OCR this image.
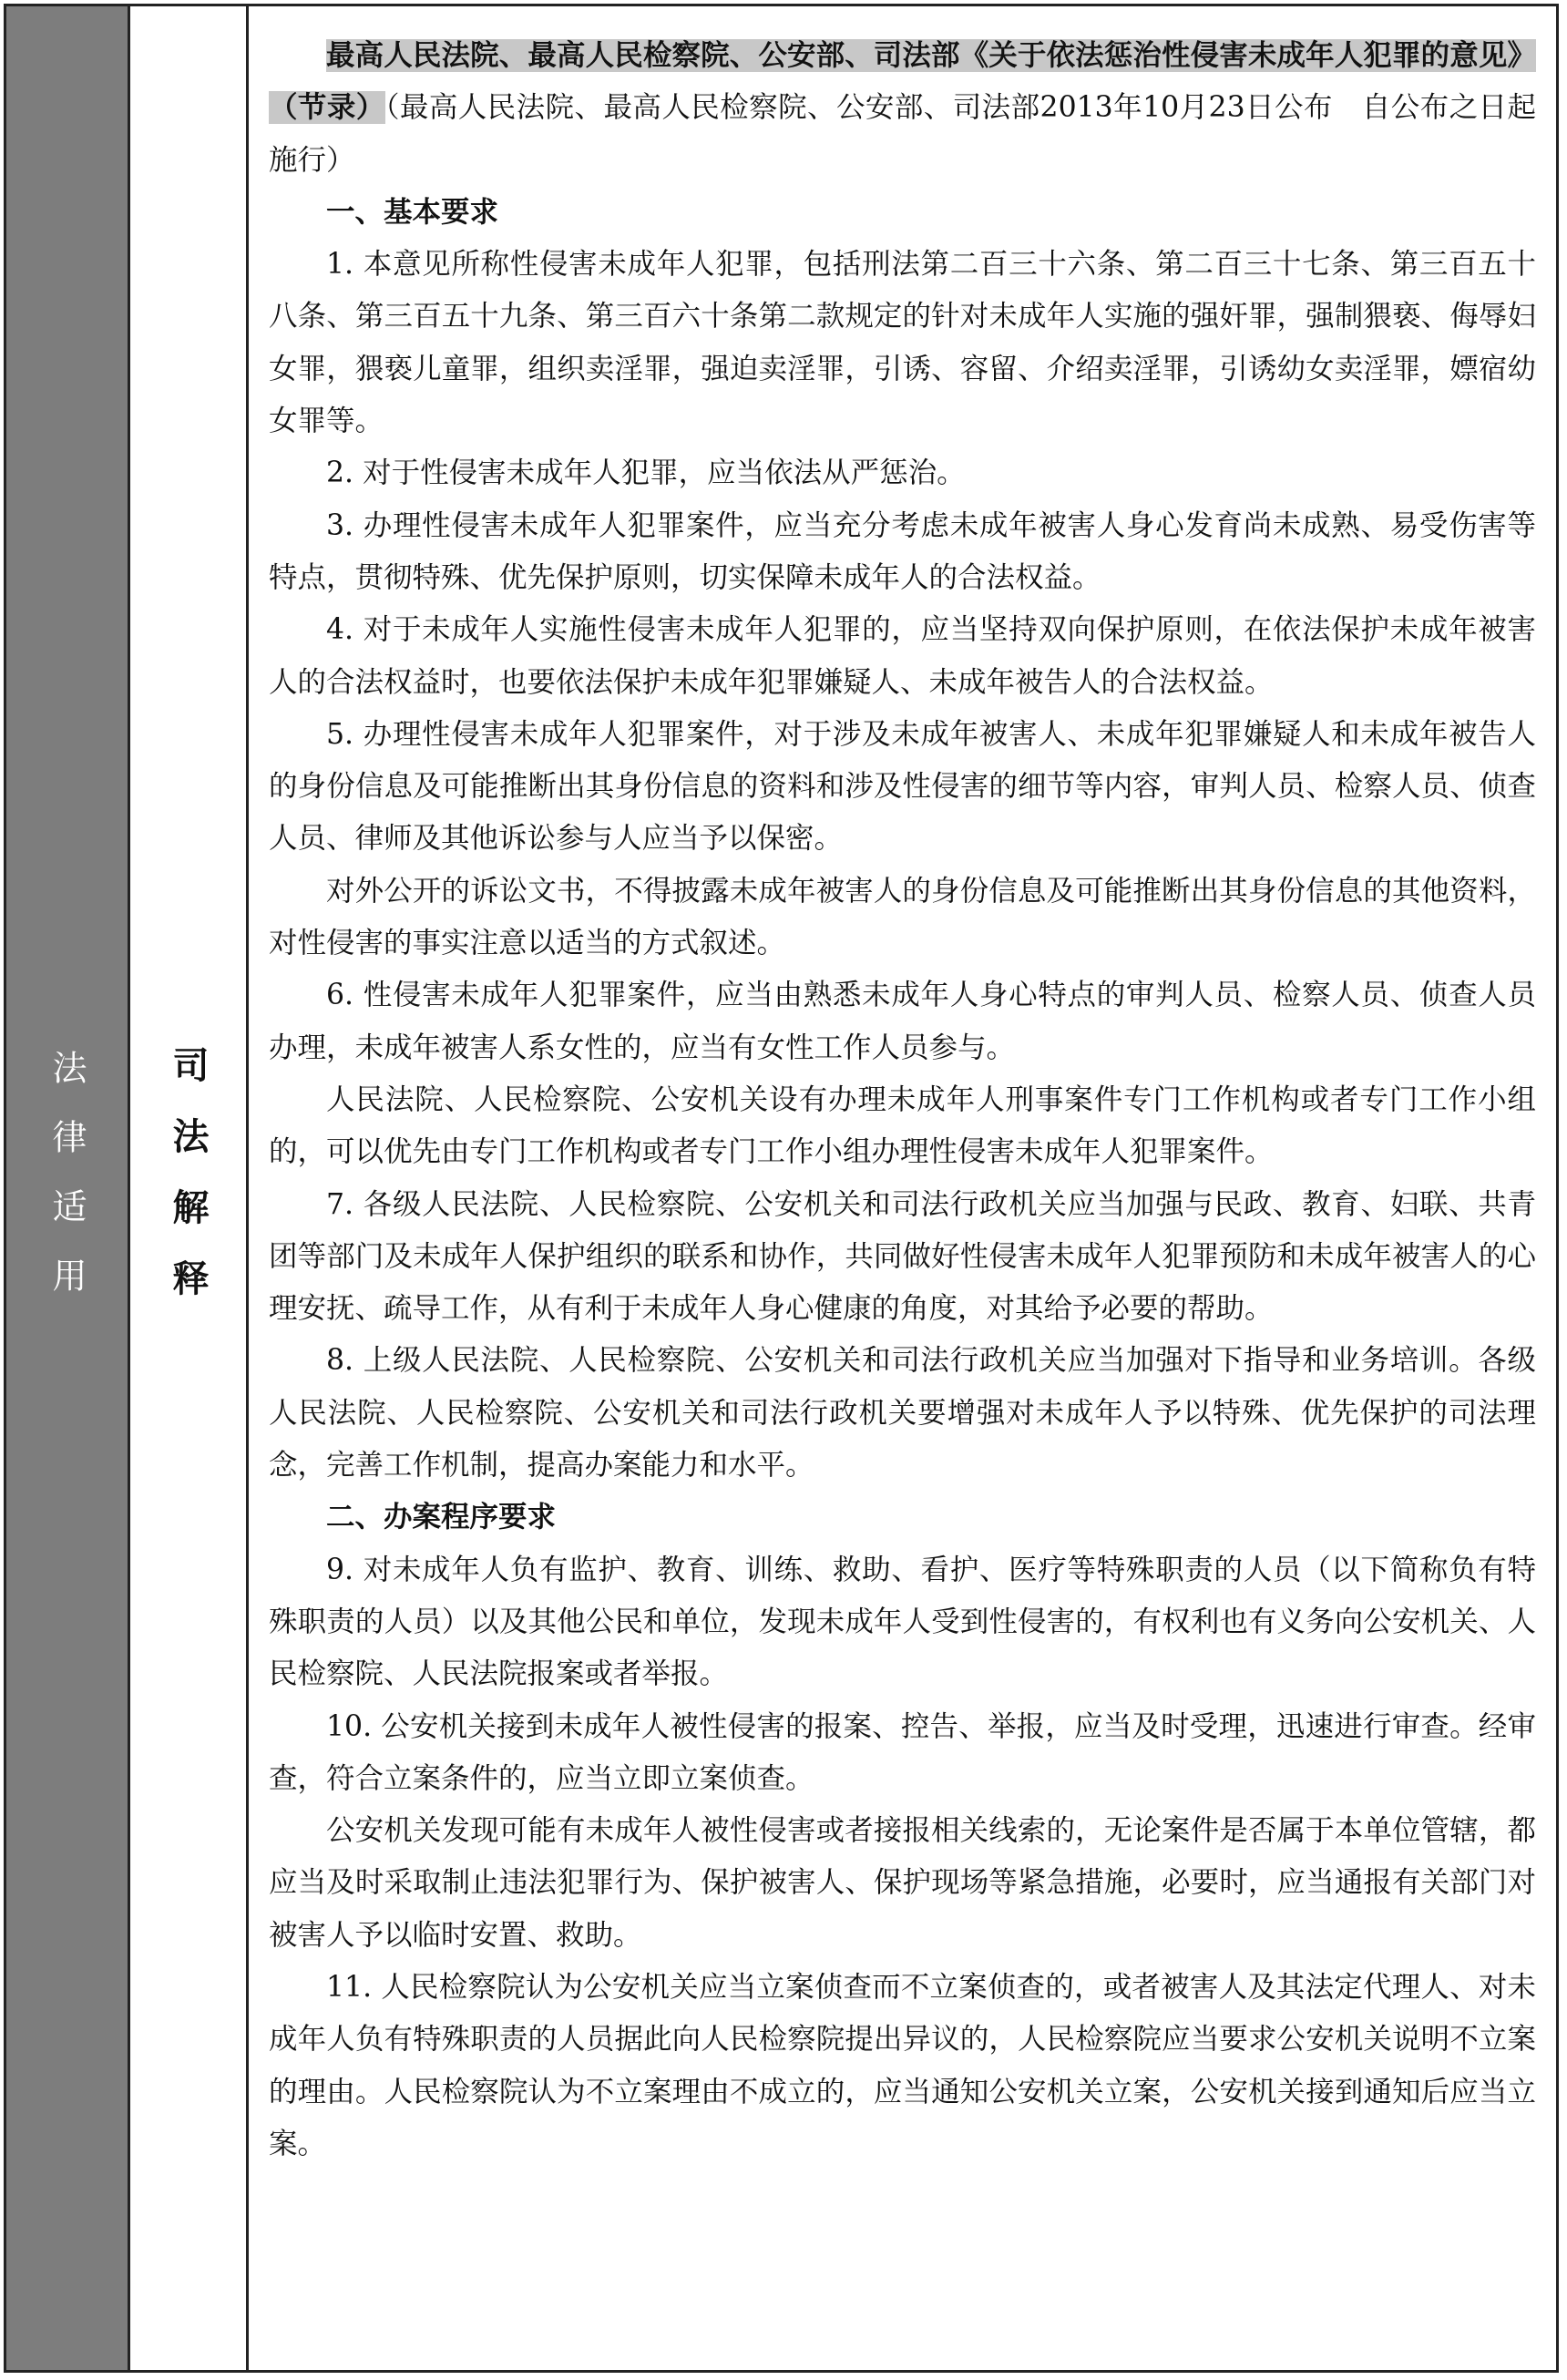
法律适用 司法解释

最高人民法院、最高人民检察院、公安部、司法部《关于依法惩治性侵害未成年人犯罪的意见》（节录）（最高人民法院、最高人民检察院、公安部、司法部2013年10月23日公布　自公布之日起施行）

一、基本要求

1. 本意见所称性侵害未成年人犯罪，包括刑法第二百三十六条、第二百三十七条、第三百五十八条、第三百五十九条、第三百六十条第二款规定的针对未成年人实施的强奸罪，强制猥亵、侮辱妇女罪，猥亵儿童罪，组织卖淫罪，强迫卖淫罪，引诱、容留、介绍卖淫罪，引诱幼女卖淫罪，嫖宿幼女罪等。

2. 对于性侵害未成年人犯罪，应当依法从严惩治。

3. 办理性侵害未成年人犯罪案件，应当充分考虑未成年被害人身心发育尚未成熟、易受伤害等特点，贯彻特殊、优先保护原则，切实保障未成年人的合法权益。

4. 对于未成年人实施性侵害未成年人犯罪的，应当坚持双向保护原则，在依法保护未成年被害人的合法权益时，也要依法保护未成年犯罪嫌疑人、未成年被告人的合法权益。

5. 办理性侵害未成年人犯罪案件，对于涉及未成年被害人、未成年犯罪嫌疑人和未成年被告人的身份信息及可能推断出其身份信息的资料和涉及性侵害的细节等内容，审判人员、检察人员、侦查人员、律师及其他诉讼参与人应当予以保密。

对外公开的诉讼文书，不得披露未成年被害人的身份信息及可能推断出其身份信息的其他资料，对性侵害的事实注意以适当的方式叙述。

6. 性侵害未成年人犯罪案件，应当由熟悉未成年人身心特点的审判人员、检察人员、侦查人员办理，未成年被害人系女性的，应当有女性工作人员参与。

人民法院、人民检察院、公安机关设有办理未成年人刑事案件专门工作机构或者专门工作小组的，可以优先由专门工作机构或者专门工作小组办理性侵害未成年人犯罪案件。

7. 各级人民法院、人民检察院、公安机关和司法行政机关应当加强与民政、教育、妇联、共青团等部门及未成年人保护组织的联系和协作，共同做好性侵害未成年人犯罪预防和未成年被害人的心理安抚、疏导工作，从有利于未成年人身心健康的角度，对其给予必要的帮助。

8. 上级人民法院、人民检察院、公安机关和司法行政机关应当加强对下指导和业务培训。各级人民法院、人民检察院、公安机关和司法行政机关要增强对未成年人予以特殊、优先保护的司法理念，完善工作机制，提高办案能力和水平。

二、办案程序要求

9. 对未成年人负有监护、教育、训练、救助、看护、医疗等特殊职责的人员（以下简称负有特殊职责的人员）以及其他公民和单位，发现未成年人受到性侵害的，有权利也有义务向公安机关、人民检察院、人民法院报案或者举报。

10. 公安机关接到未成年人被性侵害的报案、控告、举报，应当及时受理，迅速进行审查。经审查，符合立案条件的，应当立即立案侦查。

公安机关发现可能有未成年人被性侵害或者接报相关线索的，无论案件是否属于本单位管辖，都应当及时采取制止违法犯罪行为、保护被害人、保护现场等紧急措施，必要时，应当通报有关部门对被害人予以临时安置、救助。

11. 人民检察院认为公安机关应当立案侦查而不立案侦查的，或者被害人及其法定代理人、对未成年人负有特殊职责的人员据此向人民检察院提出异议的，人民检察院应当要求公安机关说明不立案的理由。人民检察院认为不立案理由不成立的，应当通知公安机关立案，公安机关接到通知后应当立案。
